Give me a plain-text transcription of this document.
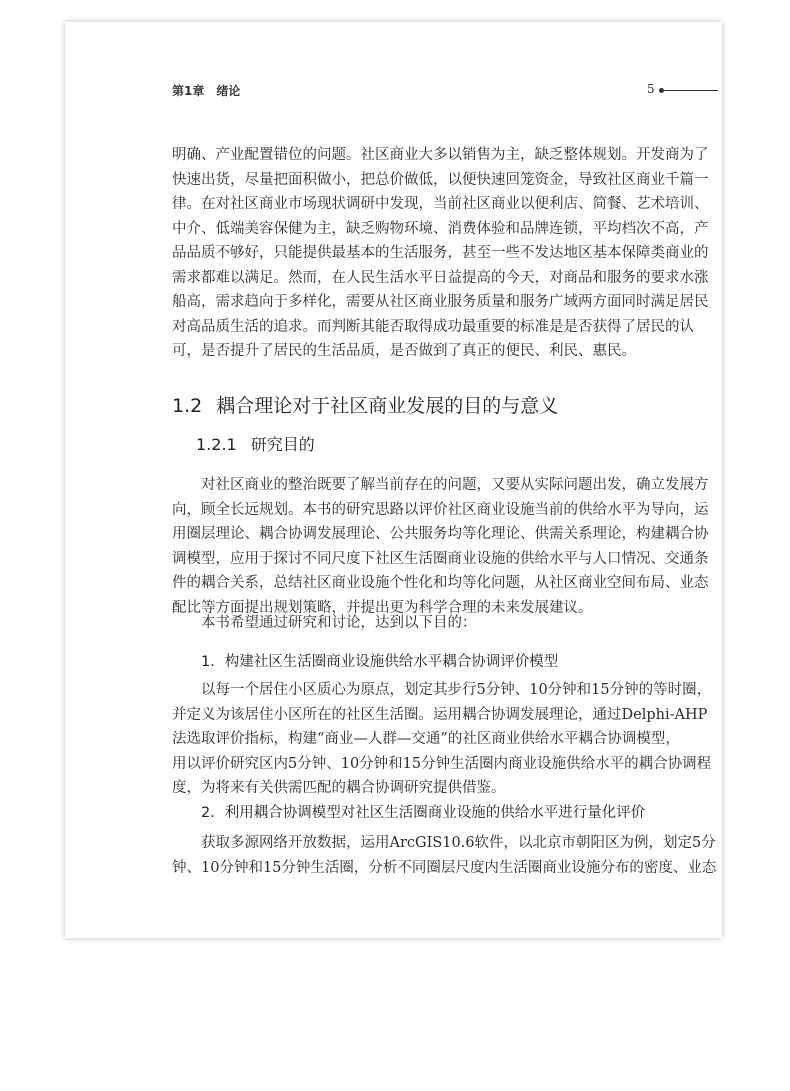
第1章　绪论	5
明确、产业配置错位的问题。社区商业大多以销售为主，缺乏整体规划。开发商为了
快速出货，尽量把面积做小，把总价做低，以便快速回笼资金，导致社区商业千篇一
律。在对社区商业市场现状调研中发现，当前社区商业以便利店、简餐、艺术培训、
中介、低端美容保健为主，缺乏购物环境、消费体验和品牌连锁，平均档次不高，产
品品质不够好，只能提供最基本的生活服务，甚至一些不发达地区基本保障类商业的
需求都难以满足。然而，在人民生活水平日益提高的今天，对商品和服务的要求水涨
船高，需求趋向于多样化，需要从社区商业服务质量和服务广域两方面同时满足居民
对高品质生活的追求。而判断其能否取得成功最重要的标准是是否获得了居民的认
可，是否提升了居民的生活品质，是否做到了真正的便民、利民、惠民。
1.2 耦合理论对于社区商业发展的目的与意义
1.2.1 研究目的
对社区商业的整治既要了解当前存在的问题，又要从实际问题出发，确立发展方
向，顾全长远规划。本书的研究思路以评价社区商业设施当前的供给水平为导向，运
用圈层理论、耦合协调发展理论、公共服务均等化理论、供需关系理论，构建耦合协
调模型，应用于探讨不同尺度下社区生活圈商业设施的供给水平与人口情况、交通条
件的耦合关系，总结社区商业设施个性化和均等化问题，从社区商业空间布局、业态
配比等方面提出规划策略，并提出更为科学合理的未来发展建议。
本书希望通过研究和讨论，达到以下目的：
1．构建社区生活圈商业设施供给水平耦合协调评价模型
以每一个居住小区质心为原点，划定其步行5分钟、10分钟和15分钟的等时圈，
并定义为该居住小区所在的社区生活圈。运用耦合协调发展理论，通过Delphi-AHP
法选取评价指标，构建“商业—人群—交通”的社区商业供给水平耦合协调模型，
用以评价研究区内5分钟、10分钟和15分钟生活圈内商业设施供给水平的耦合协调程
度，为将来有关供需匹配的耦合协调研究提供借鉴。
2．利用耦合协调模型对社区生活圈商业设施的供给水平进行量化评价
获取多源网络开放数据，运用ArcGIS10.6软件，以北京市朝阳区为例，划定5分
钟、10分钟和15分钟生活圈，分析不同圈层尺度内生活圈商业设施分布的密度、业态
